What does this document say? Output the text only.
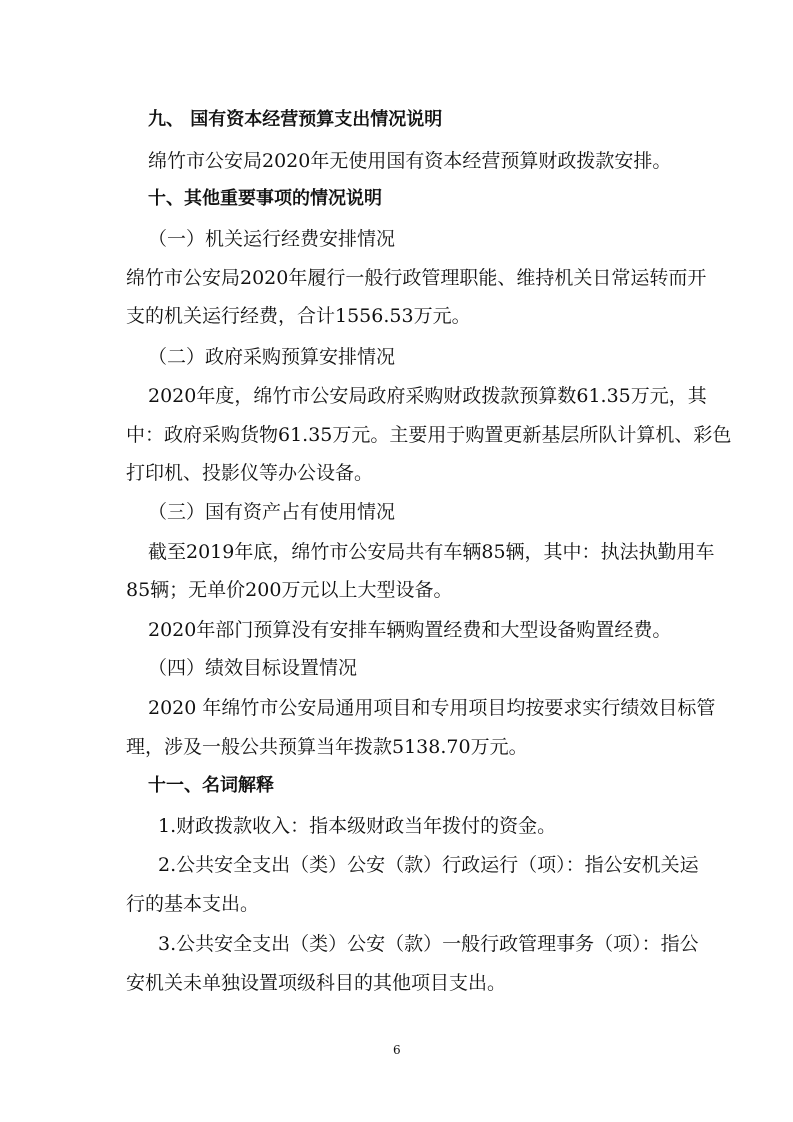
九、 国有资本经营预算支出情况说明
绵竹市公安局2020年无使用国有资本经营预算财政拨款安排。
十、其他重要事项的情况说明
（一）机关运行经费安排情况
绵竹市公安局2020年履行一般行政管理职能、维持机关日常运转而开
支的机关运行经费，合计1556.53万元。
（二）政府采购预算安排情况
2020年度，绵竹市公安局政府采购财政拨款预算数61.35万元，其
中：政府采购货物61.35万元。主要用于购置更新基层所队计算机、彩色
打印机、投影仪等办公设备。
（三）国有资产占有使用情况
截至2019年底，绵竹市公安局共有车辆85辆，其中：执法执勤用车
85辆；无单价200万元以上大型设备。
2020年部门预算没有安排车辆购置经费和大型设备购置经费。
（四）绩效目标设置情况
2020 年绵竹市公安局通用项目和专用项目均按要求实行绩效目标管
理，涉及一般公共预算当年拨款5138.70万元。
十一、名词解释
1.财政拨款收入：指本级财政当年拨付的资金。
2.公共安全支出（类）公安（款）行政运行（项）：指公安机关运
行的基本支出。
3.公共安全支出（类）公安（款）一般行政管理事务（项）：指公
安机关未单独设置项级科目的其他项目支出。
6
